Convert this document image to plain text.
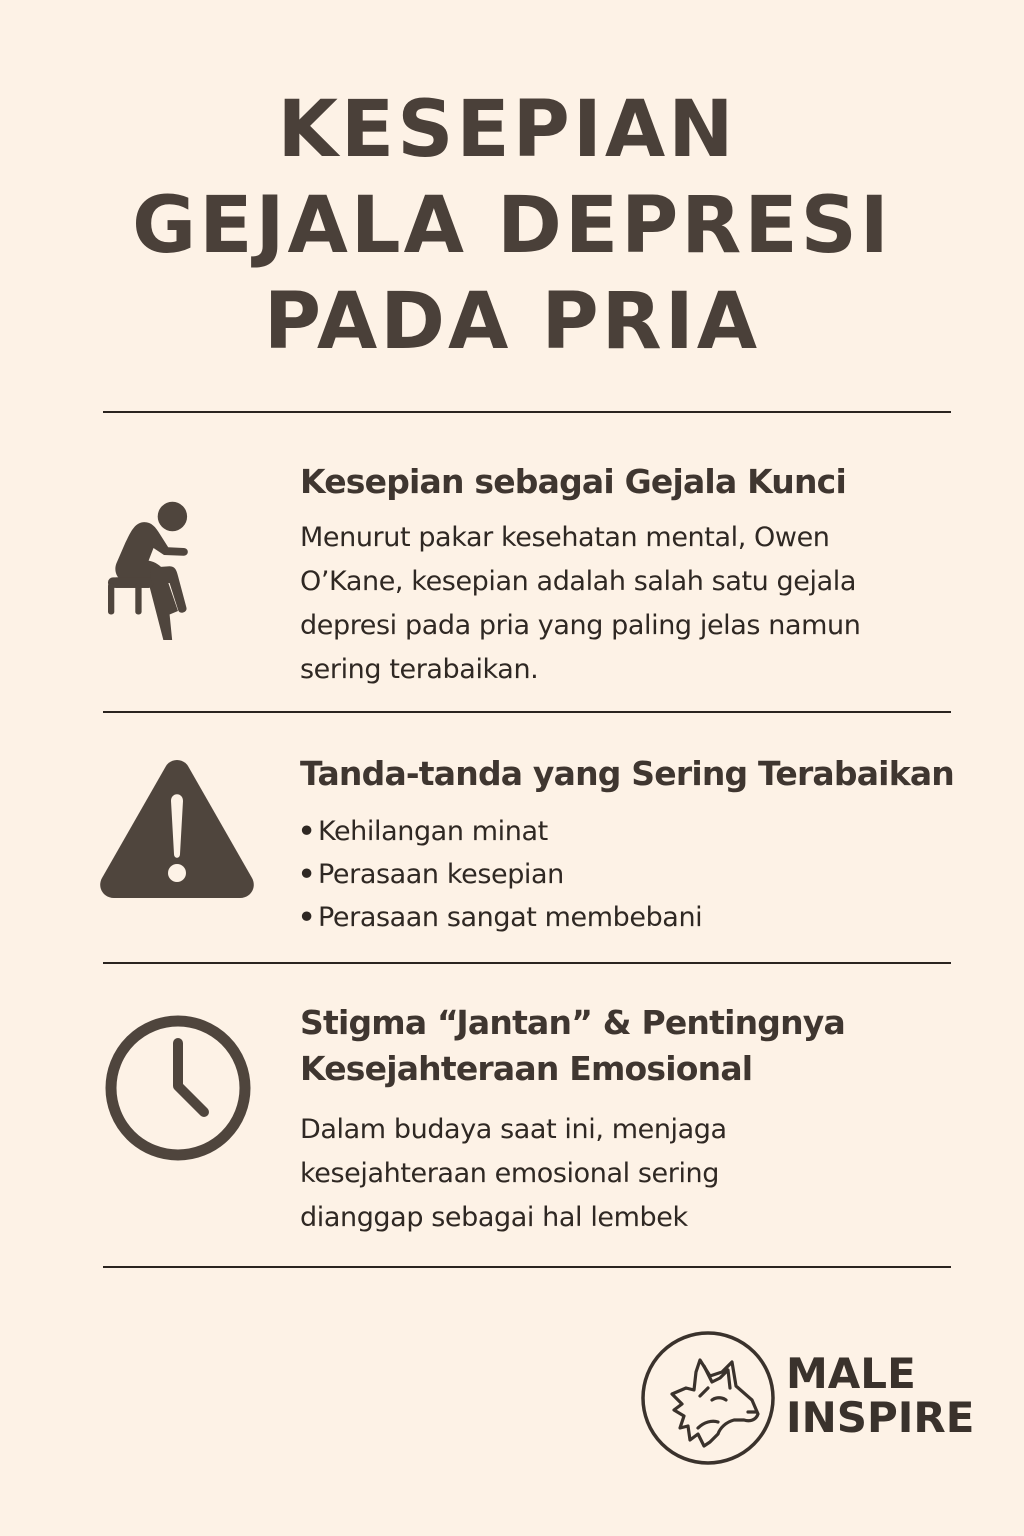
KESEPIAN
GEJALA DEPRESI
PADA PRIA
Kesepian sebagai Gejala Kunci
Menurut pakar kesehatan mental, Owen
O’Kane, kesepian adalah salah satu gejala
depresi pada pria yang paling jelas namun
sering terabaikan.
Tanda-tanda yang Sering Terabaikan
• Kehilangan minat
• Perasaan kesepian
• Perasaan sangat membebani
Stigma “Jantan” & Pentingnya
Kesejahteraan Emosional
Dalam budaya saat ini, menjaga
kesejahteraan emosional sering
dianggap sebagai hal lembek
MALE
INSPIRE
